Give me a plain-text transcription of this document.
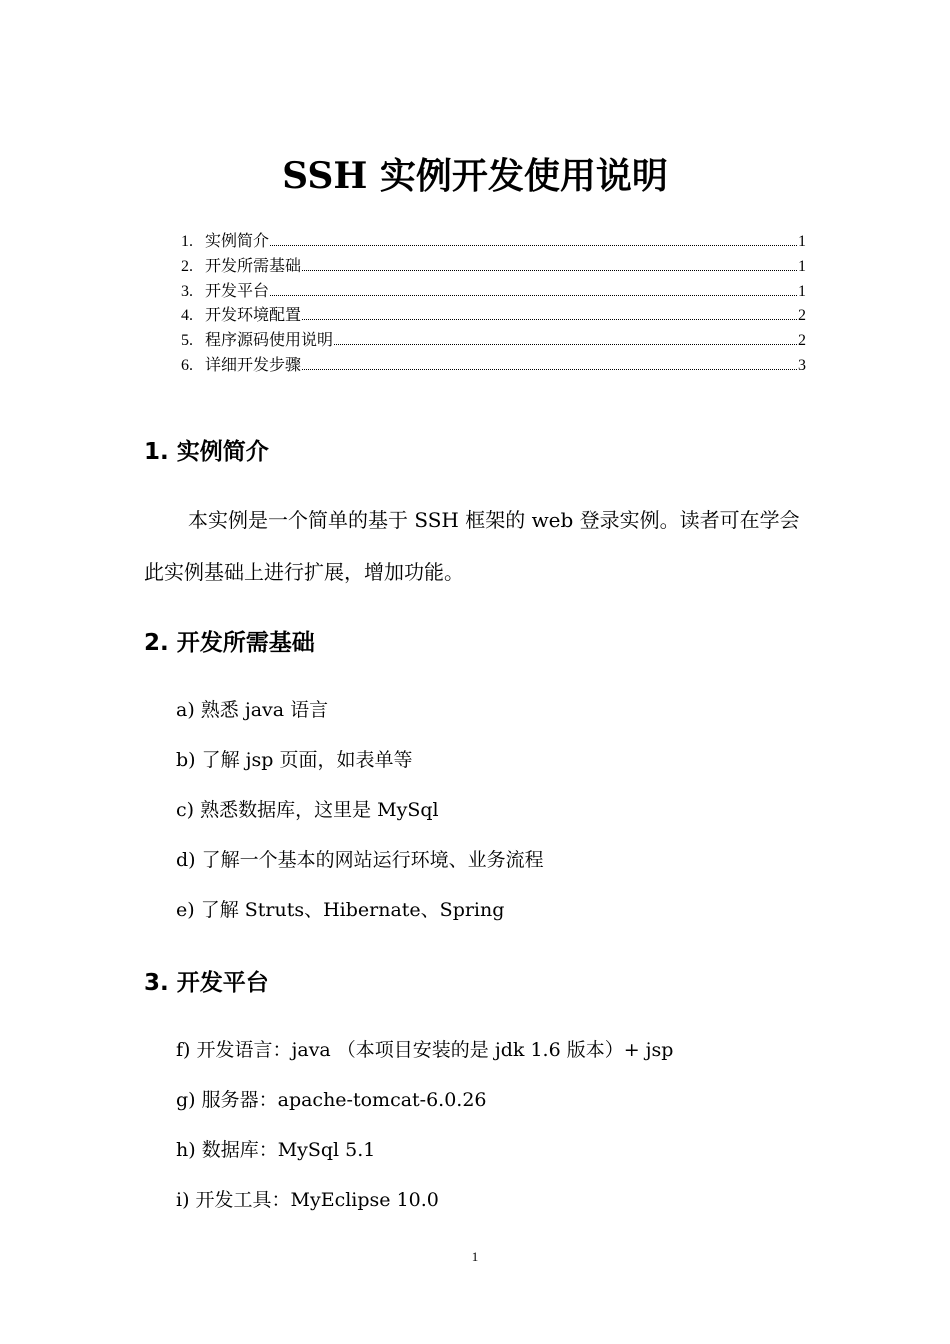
SSH 实例开发使用说明
1. 实例简介	1
2. 开发所需基础	1
3. 开发平台	1
4. 开发环境配置	2
5. 程序源码使用说明	2
6. 详细开发步骤	3
1. 实例简介
本实例是一个简单的基于 SSH 框架的 web 登录实例。读者可在学会此实例基础上进行扩展，增加功能。
2. 开发所需基础
a) 熟悉 java 语言
b) 了解 jsp 页面，如表单等
c) 熟悉数据库，这里是 MySql
d) 了解一个基本的网站运行环境、业务流程
e) 了解 Struts、Hibernate、Spring
3. 开发平台
f) 开发语言：java （本项目安装的是 jdk 1.6 版本）+ jsp
g) 服务器：apache-tomcat-6.0.26
h) 数据库：MySql 5.1
i) 开发工具：MyEclipse 10.0
1
